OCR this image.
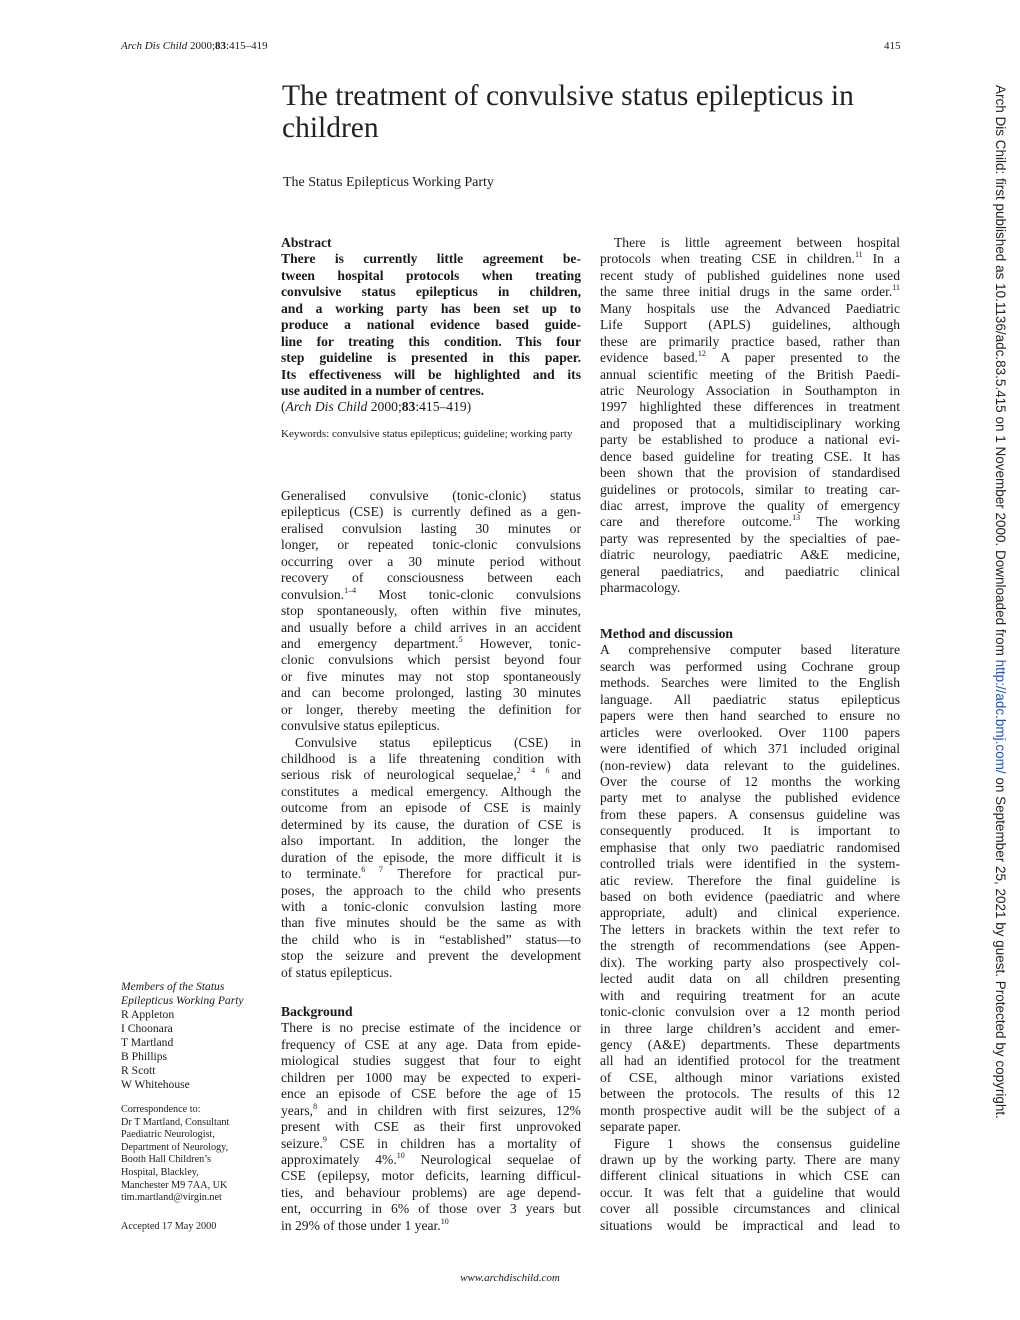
Arch Dis Child 2000;83:415–419	415
The treatment of convulsive status epilepticus in children
The Status Epilepticus Working Party
Abstract
There is currently little agreement be-
tween hospital protocols when treating
convulsive status epilepticus in children,
and a working party has been set up to
produce a national evidence based guide-
line for treating this condition. This four
step guideline is presented in this paper.
Its effectiveness will be highlighted and its
use audited in a number of centres.
(Arch Dis Child 2000;83:415–419)
Keywords: convulsive status epilepticus; guideline; working party
Generalised convulsive (tonic-clonic) status
epilepticus (CSE) is currently defined as a gen-
eralised convulsion lasting 30 minutes or
longer, or repeated tonic-clonic convulsions
occurring over a 30 minute period without
recovery of consciousness between each
convulsion.$^{1-4}$ Most tonic-clonic convulsions
stop spontaneously, often within five minutes,
and usually before a child arrives in an accident
and emergency department.$^5$ However, tonic-
clonic convulsions which persist beyond four
or five minutes may not stop spontaneously
and can become prolonged, lasting 30 minutes
or longer, thereby meeting the definition for
convulsive status epilepticus.
Convulsive status epilepticus (CSE) in
childhood is a life threatening condition with
serious risk of neurological sequelae,$^{2 4 6}$ and
constitutes a medical emergency. Although the
outcome from an episode of CSE is mainly
determined by its cause, the duration of CSE is
also important. In addition, the longer the
duration of the episode, the more difficult it is
to terminate.$^{6 7}$ Therefore for practical pur-
poses, the approach to the child who presents
with a tonic-clonic convulsion lasting more
than five minutes should be the same as with
the child who is in “established” status—to
stop the seizure and prevent the development
of status epilepticus.
Background
There is no precise estimate of the incidence or
frequency of CSE at any age. Data from epide-
miological studies suggest that four to eight
children per 1000 may be expected to experi-
ence an episode of CSE before the age of 15
years,$^8$ and in children with first seizures, 12%
present with CSE as their first unprovoked
seizure.$^9$ CSE in children has a mortality of
approximately 4%.$^{10}$ Neurological sequelae of
CSE (epilepsy, motor deficits, learning difficul-
ties, and behaviour problems) are age depend-
ent, occurring in 6% of those over 3 years but
in 29% of those under 1 year.$^{10}$
There is little agreement between hospital
protocols when treating CSE in children.$^{11}$ In a
recent study of published guidelines none used
the same three initial drugs in the same order.$^{11}$
Many hospitals use the Advanced Paediatric
Life Support (APLS) guidelines, although
these are primarily practice based, rather than
evidence based.$^{12}$ A paper presented to the
annual scientific meeting of the British Paedi-
atric Neurology Association in Southampton in
1997 highlighted these differences in treatment
and proposed that a multidisciplinary working
party be established to produce a national evi-
dence based guideline for treating CSE. It has
been shown that the provision of standardised
guidelines or protocols, similar to treating car-
diac arrest, improve the quality of emergency
care and therefore outcome.$^{13}$ The working
party was represented by the specialties of pae-
diatric neurology, paediatric A&E medicine,
general paediatrics, and paediatric clinical
pharmacology.
Method and discussion
A comprehensive computer based literature
search was performed using Cochrane group
methods. Searches were limited to the English
language. All paediatric status epilepticus
papers were then hand searched to ensure no
articles were overlooked. Over 1100 papers
were identified of which 371 included original
(non-review) data relevant to the guidelines.
Over the course of 12 months the working
party met to analyse the published evidence
from these papers. A consensus guideline was
consequently produced. It is important to
emphasise that only two paediatric randomised
controlled trials were identified in the system-
atic review. Therefore the final guideline is
based on both evidence (paediatric and where
appropriate, adult) and clinical experience.
The letters in brackets within the text refer to
the strength of recommendations (see Appen-
dix). The working party also prospectively col-
lected audit data on all children presenting
with and requiring treatment for an acute
tonic-clonic convulsion over a 12 month period
in three large children’s accident and emer-
gency (A&E) departments. These departments
all had an identified protocol for the treatment
of CSE, although minor variations existed
between the protocols. The results of this 12
month prospective audit will be the subject of a
separate paper.
Figure 1 shows the consensus guideline
drawn up by the working party. There are many
different clinical situations in which CSE can
occur. It was felt that a guideline that would
cover all possible circumstances and clinical
situations would be impractical and lead to
Members of the Status
Epilepticus Working Party
R Appleton
I Choonara
T Martland
B Phillips
R Scott
W Whitehouse
Correspondence to:
Dr T Martland, Consultant
Paediatric Neurologist,
Department of Neurology,
Booth Hall Children’s
Hospital, Blackley,
Manchester M9 7AA, UK
tim.martland@virgin.net
Accepted 17 May 2000
Arch Dis Child: first published as 10.1136/adc.83.5.415 on 1 November 2000. Downloaded from http://adc.bmj.com/ on September 25, 2021 by guest. Protected by copyright.
www.archdischild.com
